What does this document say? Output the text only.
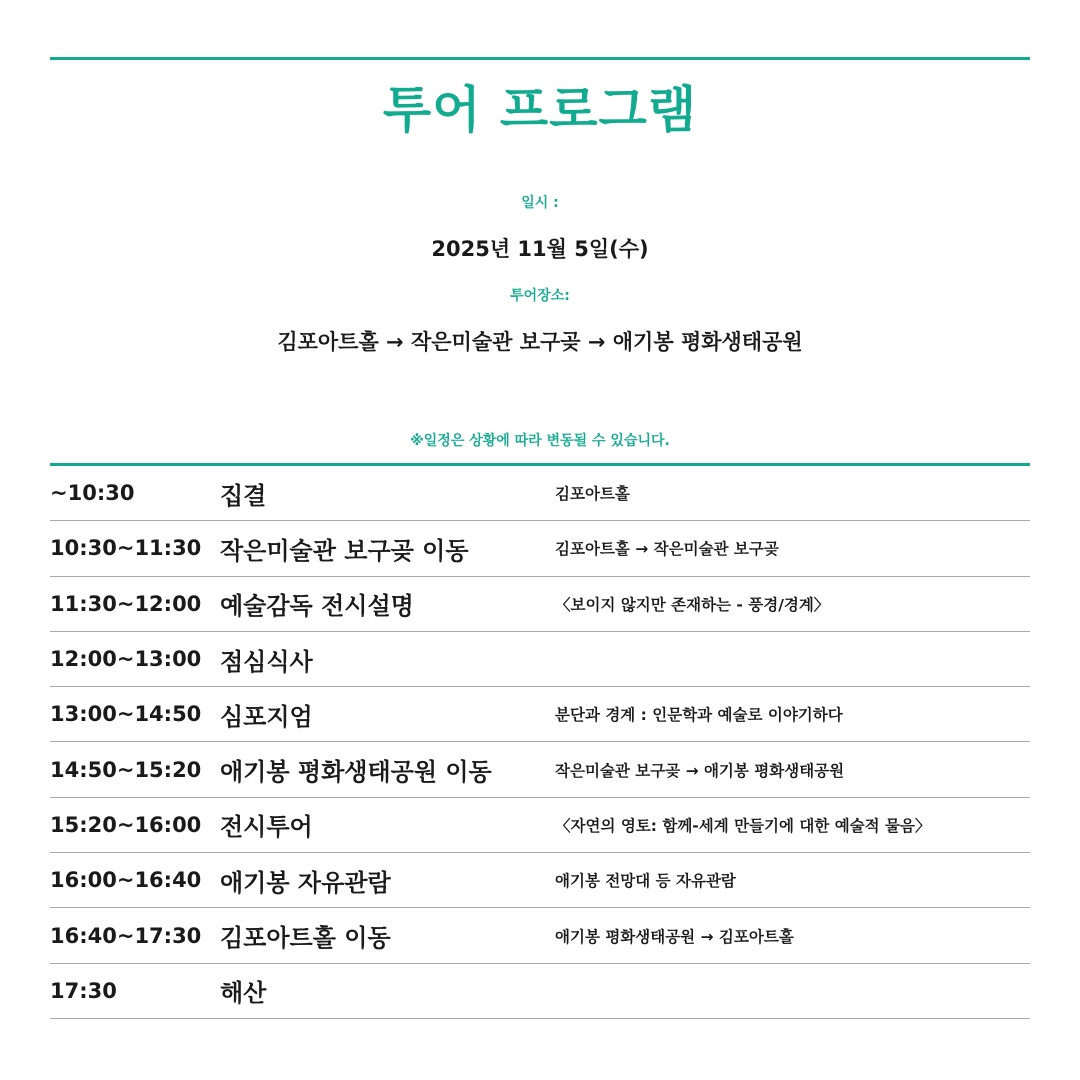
투어 프로그램
일시 :
2025년 11월 5일(수)
투어장소:
김포아트홀 → 작은미술관 보구곶 → 애기봉 평화생태공원
※일정은 상황에 따라 변동될 수 있습니다.
~10:30	집결	김포아트홀
10:30~11:30 작은미술관 보구곶 이동	김포아트홀 → 작은미술관 보구곶
11:30~12:00 예술감독 전시설명	〈보이지 않지만 존재하는 - 풍경/경계〉
12:00~13:00 점심식사
13:00~14:50 심포지엄	분단과 경계 : 인문학과 예술로 이야기하다
14:50~15:20 애기봉 평화생태공원 이동	작은미술관 보구곶 → 애기봉 평화생태공원
15:20~16:00 전시투어	〈자연의 영토: 함께-세계 만들기에 대한 예술적 물음〉
16:00~16:40 애기봉 자유관람	애기봉 전망대 등 자유관람
16:40~17:30 김포아트홀 이동	애기봉 평화생태공원 → 김포아트홀
17:30	해산
